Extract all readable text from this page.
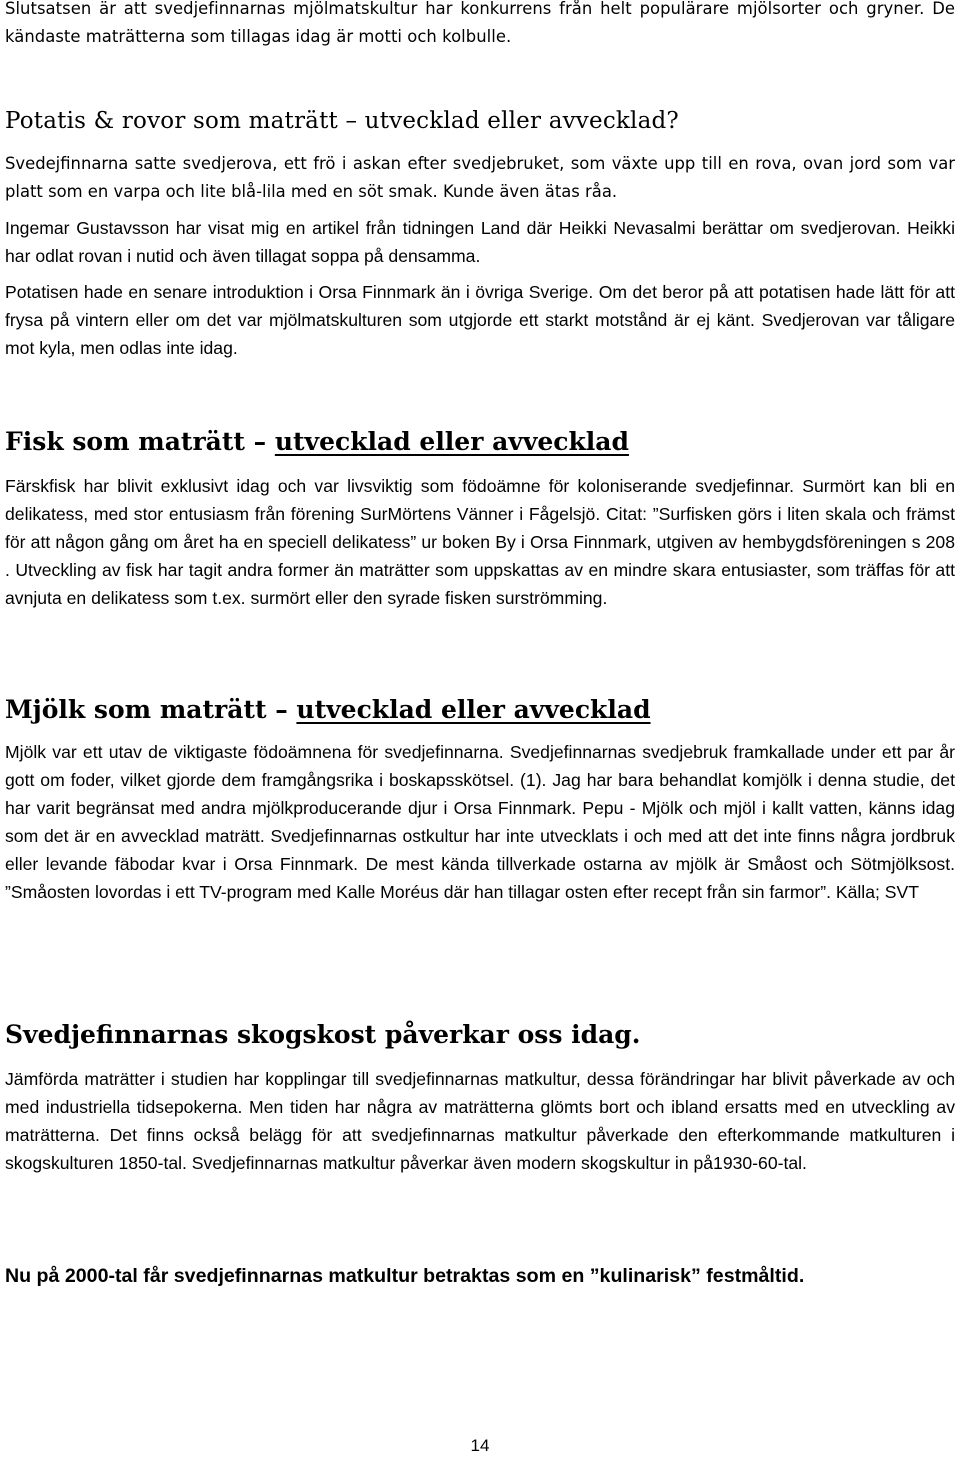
Slutsatsen är att svedjefinnarnas mjölmatskultur har konkurrens från helt populärare mjölsorter och gryner. De kändaste maträtterna som tillagas idag är motti och kolbulle.

Potatis & rovor som maträtt – utvecklad eller avvecklad?

Svedejfinnarna satte svedjerova, ett frö i askan efter svedjebruket, som växte upp till en rova, ovan jord som var platt som en varpa och lite blå-lila med en söt smak. Kunde även ätas råa.

Ingemar Gustavsson har visat mig en artikel från tidningen Land där Heikki Nevasalmi berättar om svedjerovan. Heikki har odlat rovan i nutid och även tillagat soppa på densamma.

Potatisen hade en senare introduktion i Orsa Finnmark än i övriga Sverige. Om det beror på att potatisen hade lätt för att frysa på vintern eller om det var mjölmatskulturen som utgjorde ett starkt motstånd är ej känt. Svedjerovan var tåligare mot kyla, men odlas inte idag.

Fisk som maträtt – utvecklad eller avvecklad

Färskfisk har blivit exklusivt idag och var livsviktig som födoämne för koloniserande svedjefinnar. Surmört kan bli en delikatess, med stor entusiasm från förening SurMörtens Vänner i Fågelsjö. Citat: ”Surfisken görs i liten skala och främst för att någon gång om året ha en speciell delikatess” ur boken By i Orsa Finnmark, utgiven av hembygdsföreningen s 208 . Utveckling av fisk har tagit andra former än maträtter som uppskattas av en mindre skara entusiaster, som träffas för att avnjuta en delikatess som t.ex. surmört eller den syrade fisken surströmming.

Mjölk som maträtt – utvecklad eller avvecklad

Mjölk var ett utav de viktigaste födoämnena för svedjefinnarna. Svedjefinnarnas svedjebruk framkallade under ett par år gott om foder, vilket gjorde dem framgångsrika i boskapsskötsel. (1). Jag har bara behandlat komjölk i denna studie, det har varit begränsat med andra mjölkproducerande djur i Orsa Finnmark. Pepu - Mjölk och mjöl i kallt vatten, känns idag som det är en avvecklad maträtt. Svedjefinnarnas ostkultur har inte utvecklats i och med att det inte finns några jordbruk eller levande fäbodar kvar i Orsa Finnmark. De mest kända tillverkade ostarna av mjölk är Småost och Sötmjölksost. ”Småosten lovordas i ett TV-program med Kalle Moréus där han tillagar osten efter recept från sin farmor”. Källa; SVT

Svedjefinnarnas skogskost påverkar oss idag.

Jämförda maträtter i studien har kopplingar till svedjefinnarnas matkultur, dessa förändringar har blivit påverkade av och med industriella tidsepokerna. Men tiden har några av maträtterna glömts bort och ibland ersatts med en utveckling av maträtterna. Det finns också belägg för att svedjefinnarnas matkultur påverkade den efterkommande matkulturen i skogskulturen 1850-tal. Svedjefinnarnas matkultur påverkar även modern skogskultur in på1930-60-tal.

Nu på 2000-tal får svedjefinnarnas matkultur betraktas som en ”kulinarisk” festmåltid.

14
